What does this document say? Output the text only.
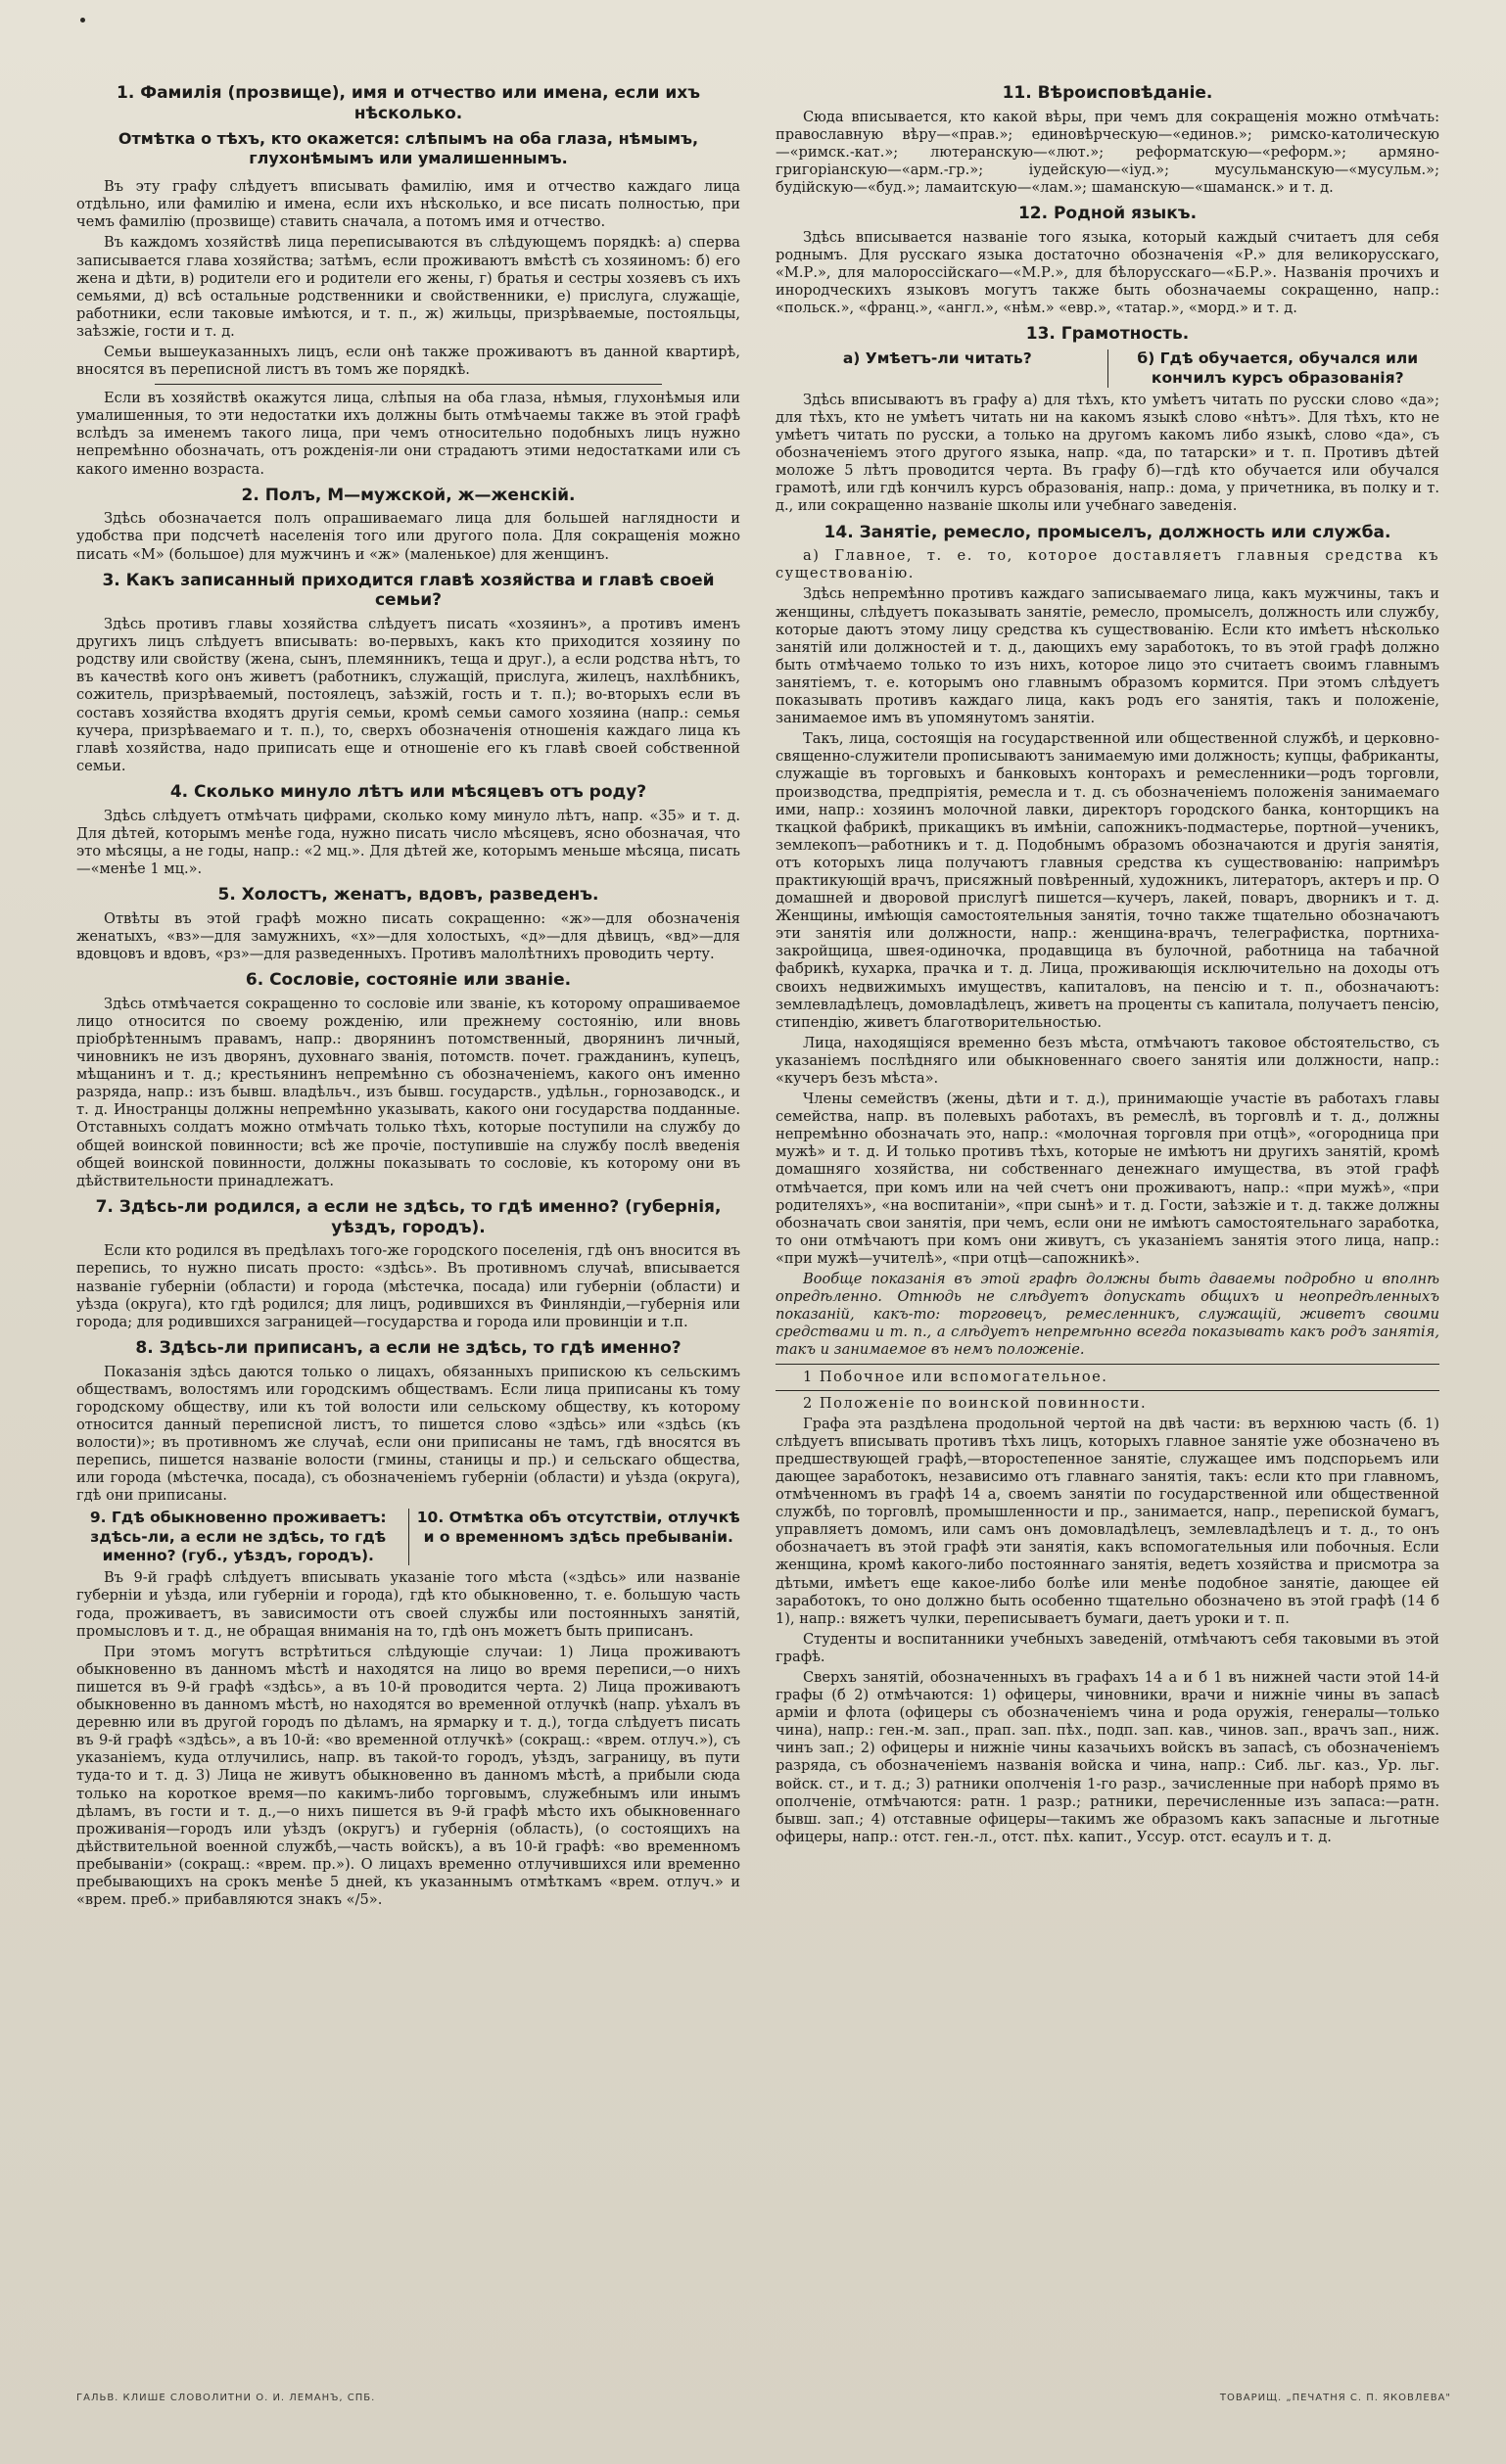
1. Фамилія (прозвище), имя и отчество или имена, если ихъ нѣсколько.
Отмѣтка о тѣхъ, кто окажется: слѣпымъ на оба глаза, нѣмымъ, глухонѣмымъ или умалишеннымъ.

Въ эту графу слѣдуетъ вписывать фамилію, имя и отчество каждаго лица отдѣльно, или фамилію и имена, если ихъ нѣсколько, и все писать полностью, при чемъ фамилію (прозвище) ставить сначала, а потомъ имя и отчество.

Въ каждомъ хозяйствѣ лица переписываются въ слѣдующемъ порядкѣ: а) сперва записывается глава хозяйства; затѣмъ, если проживаютъ вмѣстѣ съ хозяиномъ: б) его жена и дѣти, в) родители его и родители его жены, г) братья и сестры хозяевъ съ ихъ семьями, д) всѣ остальные родственники и свойственники, е) прислуга, служащіе, работники, если таковые имѣются, и т. п., ж) жильцы, призрѣваемые, постояльцы, заѣзжіе, гости и т. д.

Семьи вышеуказанныхъ лицъ, если онѣ также проживаютъ въ данной квартирѣ, вносятся въ переписной листъ въ томъ же порядкѣ.

Если въ хозяйствѣ окажутся лица, слѣпыя на оба глаза, нѣмыя, глухонѣмыя или умалишенныя, то эти недостатки ихъ должны быть отмѣчаемы также въ этой графѣ вслѣдъ за именемъ такого лица, при чемъ относительно подобныхъ лицъ нужно непремѣнно обозначать, отъ рожденія-ли они страдаютъ этими недостатками или съ какого именно возраста.

2. Полъ, М—мужской, ж—женскій.

Здѣсь обозначается полъ опрашиваемаго лица для большей наглядности и удобства при подсчетѣ населенія того или другого пола. Для сокращенія можно писать «М» (большое) для мужчинъ и «ж» (маленькое) для женщинъ.

3. Какъ записанный приходится главѣ хозяйства и главѣ своей семьи?

Здѣсь противъ главы хозяйства слѣдуетъ писать «хозяинъ», а противъ именъ другихъ лицъ слѣдуетъ вписывать: во-первыхъ, какъ кто приходится хозяину по родству или свойству (жена, сынъ, племянникъ, теща и друг.), а если родства нѣтъ, то въ качествѣ кого онъ живетъ (работникъ, служащій, прислуга, жилецъ, нахлѣбникъ, сожитель, призрѣваемый, постоялецъ, заѣзжій, гость и т. п.); во-вторыхъ если въ составъ хозяйства входятъ другія семьи, кромѣ семьи самого хозяина (напр.: семья кучера, призрѣваемаго и т. п.), то, сверхъ обозначенія отношенія каждаго лица къ главѣ хозяйства, надо приписать еще и отношеніе его къ главѣ своей собственной семьи.

4. Сколько минуло лѣтъ или мѣсяцевъ отъ роду?

Здѣсь слѣдуетъ отмѣчать цифрами, сколько кому минуло лѣтъ, напр. «35» и т. д. Для дѣтей, которымъ менѣе года, нужно писать число мѣсяцевъ, ясно обозначая, что это мѣсяцы, а не годы, напр.: «2 мц.». Для дѣтей же, которымъ меньше мѣсяца, писать—«менѣе 1 мц.».

5. Холостъ, женатъ, вдовъ, разведенъ.

Отвѣты въ этой графѣ можно писать сокращенно: «ж»—для обозначенія женатыхъ, «вз»—для замужнихъ, «х»—для холостыхъ, «д»—для дѣвицъ, «вд»—для вдовцовъ и вдовъ, «рз»—для разведенныхъ. Противъ малолѣтнихъ проводить черту.

6. Сословіе, состояніе или званіе.

Здѣсь отмѣчается сокращенно то сословіе или званіе, къ которому опрашиваемое лицо относится по своему рожденію, или прежнему состоянію, или вновь пріобрѣтеннымъ правамъ, напр.: дворянинъ потомственный, дворянинъ личный, чиновникъ не изъ дворянъ, духовнаго званія, потомств. почет. гражданинъ, купецъ, мѣщанинъ и т. д.; крестьянинъ непремѣнно съ обозначеніемъ, какого онъ именно разряда, напр.: изъ бывш. владѣльч., изъ бывш. государств., удѣльн., горнозаводск., и т. д. Иностранцы должны непремѣнно указывать, какого они государства подданные. Отставныхъ солдатъ можно отмѣчать только тѣхъ, которые поступили на службу до общей воинской повинности; всѣ же прочіе, поступившіе на службу послѣ введенія общей воинской повинности, должны показывать то сословіе, къ которому они въ дѣйствительности принадлежатъ.

7. Здѣсь-ли родился, а если не здѣсь, то гдѣ именно? (губернія, уѣздъ, городъ).

Если кто родился въ предѣлахъ того-же городского поселенія, гдѣ онъ вносится въ перепись, то нужно писать просто: «здѣсь». Въ противномъ случаѣ, вписывается названіе губерніи (области) и города (мѣстечка, посада) или губерніи (области) и уѣзда (округа), кто гдѣ родился; для лицъ, родившихся въ Финляндіи,—губернія или города; для родившихся заграницей—государства и города или провинціи и т.п.

8. Здѣсь-ли приписанъ, а если не здѣсь, то гдѣ именно?

Показанія здѣсь даются только о лицахъ, обязанныхъ припискою къ сельскимъ обществамъ, волостямъ или городскимъ обществамъ. Если лица приписаны къ тому городскому обществу, или къ той волости или сельскому обществу, къ которому относится данный переписной листъ, то пишется слово «здѣсь» или «здѣсь (къ волости)»; въ противномъ же случаѣ, если они приписаны не тамъ, гдѣ вносятся въ перепись, пишется названіе волости (гмины, станицы и пр.) и сельскаго общества, или города (мѣстечка, посада), съ обозначеніемъ губерніи (области) и уѣзда (округа), гдѣ они приписаны.

9. Гдѣ обыкновенно проживаетъ: здѣсь-ли, а если не здѣсь, то гдѣ именно? (губ., уѣздъ, городъ).
10. Отмѣтка объ отсутствіи, отлучкѣ и о временномъ здѣсь пребываніи.

Въ 9-й графѣ слѣдуетъ вписывать указаніе того мѣста («здѣсь» или названіе губерніи и уѣзда, или губерніи и города), гдѣ кто обыкновенно, т. е. большую часть года, проживаетъ, въ зависимости отъ своей службы или постоянныхъ занятій, промысловъ и т. д., не обращая вниманія на то, гдѣ онъ можетъ быть приписанъ.

При этомъ могутъ встрѣтиться слѣдующіе случаи: 1) Лица проживаютъ обыкновенно въ данномъ мѣстѣ и находятся на лицо во время переписи,—о нихъ пишется въ 9-й графѣ «здѣсь», а въ 10-й проводится черта. 2) Лица проживаютъ обыкновенно въ данномъ мѣстѣ, но находятся во временной отлучкѣ (напр. уѣхалъ въ деревню или въ другой городъ по дѣламъ, на ярмарку и т. д.), тогда слѣдуетъ писать въ 9-й графѣ «здѣсь», а въ 10-й: «во временной отлучкѣ» (сокращ.: «врем. отлуч.»), съ указаніемъ, куда отлучились, напр. въ такой-то городъ, уѣздъ, заграницу, въ пути туда-то и т. д. 3) Лица не живутъ обыкновенно въ данномъ мѣстѣ, а прибыли сюда только на короткое время—по какимъ-либо торговымъ, служебнымъ или инымъ дѣламъ, въ гости и т. д.,—о нихъ пишется въ 9-й графѣ мѣсто ихъ обыкновеннаго проживанія—городъ или уѣздъ (округъ) и губернія (область), (о состоящихъ на дѣйствительной военной службѣ,—часть войскъ), а въ 10-й графѣ: «во временномъ пребываніи» (сокращ.: «врем. пр.»). О лицахъ временно отлучившихся или временно пребывающихъ на срокъ менѣе 5 дней, къ указаннымъ отмѣткамъ «врем. отлуч.» и «врем. преб.» прибавляются знакъ «/5».

11. Вѣроисповѣданіе.

Сюда вписывается, кто какой вѣры, при чемъ для сокращенія можно отмѣчать: православную вѣру—«прав.»; единовѣрческую—«единов.»; римско-католическую—«римск.-кат.»; лютеранскую—«лют.»; реформатскую—«реформ.»; армяно-григоріанскую—«арм.-гр.»; іудейскую—«іуд.»; мусульманскую—«мусульм.»; будійскую—«буд.»; ламаитскую—«лам.»; шаманскую—«шаманск.» и т. д.

12. Родной языкъ.

Здѣсь вписывается названіе того языка, который каждый считаетъ для себя роднымъ. Для русскаго языка достаточно обозначенія «Р.» для великорусскаго, «М.Р.», для малороссійскаго—«М.Р.», для бѣлорусскаго—«Б.Р.». Названія прочихъ и инородческихъ языковъ могутъ также быть обозначаемы сокращенно, напр.: «польск.», «франц.», «англ.», «нѣм.» «евр.», «татар.», «морд.» и т. д.

13. Грамотность.
а) Умѣетъ-ли читать?	б) Гдѣ обучается, обучался или кончилъ курсъ образованія?

Здѣсь вписываютъ въ графу а) для тѣхъ, кто умѣетъ читать по русски слово «да»; для тѣхъ, кто не умѣетъ читать ни на какомъ языкѣ слово «нѣтъ». Для тѣхъ, кто не умѣетъ читать по русски, а только на другомъ какомъ либо языкѣ, слово «да», съ обозначеніемъ этого другого языка, напр. «да, по татарски» и т. п. Противъ дѣтей моложе 5 лѣтъ проводится черта. Въ графу б)—гдѣ кто обучается или обучался грамотѣ, или гдѣ кончилъ курсъ образованія, напр.: дома, у причетника, въ полку и т. д., или сокращенно названіе школы или учебнаго заведенія.

14. Занятіе, ремесло, промыселъ, должность или служба.

а) Главное, т. е. то, которое доставляетъ главныя средства къ существованію.

Здѣсь непремѣнно противъ каждаго записываемаго лица, какъ мужчины, такъ и женщины, слѣдуетъ показывать занятіе, ремесло, промыселъ, должность или службу, которые даютъ этому лицу средства къ существованію. Если кто имѣетъ нѣсколько занятій или должностей и т. д., дающихъ ему заработокъ, то въ этой графѣ должно быть отмѣчаемо только то изъ нихъ, которое лицо это считаетъ своимъ главнымъ занятіемъ, т. е. которымъ оно главнымъ образомъ кормится. При этомъ слѣдуетъ показывать противъ каждаго лица, какъ родъ его занятія, такъ и положеніе, занимаемое имъ въ упомянутомъ занятіи.

Такъ, лица, состоящія на государственной или общественной службѣ, и церковно-священно-служители прописываютъ занимаемую ими должность; купцы, фабриканты, служащіе въ торговыхъ и банковыхъ конторахъ и ремесленники—родъ торговли, производства, предпріятія, ремесла и т. д. съ обозначеніемъ положенія занимаемаго ими, напр.: хозяинъ молочной лавки, директоръ городского банка, конторщикъ на ткацкой фабрикѣ, прикащикъ въ имѣніи, сапожникъ-подмастерье, портной—ученикъ, землекопъ—работникъ и т. д. Подобнымъ образомъ обозначаются и другія занятія, отъ которыхъ лица получаютъ главныя средства къ существованію: напримѣръ практикующій врачъ, присяжный повѣренный, художникъ, литераторъ, актеръ и пр. О домашней и дворовой прислугѣ пишется—кучеръ, лакей, поваръ, дворникъ и т. д. Женщины, имѣющія самостоятельныя занятія, точно также тщательно обозначаютъ эти занятія или должности, напр.: женщина-врачъ, телеграфистка, портниха-закройщица, швея-одиночка, продавщица въ булочной, работница на табачной фабрикѣ, кухарка, прачка и т. д. Лица, проживающія исключительно на доходы отъ своихъ недвижимыхъ имуществъ, капиталовъ, на пенсію и т. п., обозначаютъ: землевладѣлецъ, домовладѣлецъ, живетъ на проценты съ капитала, получаетъ пенсію, стипендію, живетъ благотворительностью.

Лица, находящіяся временно безъ мѣста, отмѣчаютъ таковое обстоятельство, съ указаніемъ послѣдняго или обыкновеннаго своего занятія или должности, напр.: «кучеръ безъ мѣста».

Члены семействъ (жены, дѣти и т. д.), принимающіе участіе въ работахъ главы семейства, напр. въ полевыхъ работахъ, въ ремеслѣ, въ торговлѣ и т. д., должны непремѣнно обозначать это, напр.: «молочная торговля при отцѣ», «огородница при мужѣ» и т. д. И только противъ тѣхъ, которые не имѣютъ ни другихъ занятій, кромѣ домашняго хозяйства, ни собственнаго денежнаго имущества, въ этой графѣ отмѣчается, при комъ или на чей счетъ они проживаютъ, напр.: «при мужѣ», «при родителяхъ», «на воспитаніи», «при сынѣ» и т. д. Гости, заѣзжіе и т. д. также должны обозначать свои занятія, при чемъ, если они не имѣютъ самостоятельнаго заработка, то они отмѣчаютъ при комъ они живутъ, съ указаніемъ занятія этого лица, напр.: «при мужѣ—учителѣ», «при отцѣ—сапожникѣ».

Вообще показанія въ этой графѣ должны быть даваемы подробно и вполнѣ опредѣленно. Отнюдь не слѣдуетъ допускать общихъ и неопредѣленныхъ показаній, какъ-то: торговецъ, ремесленникъ, служащій, живетъ своими средствами и т. п., а слѣдуетъ непремѣнно всегда показывать какъ родъ занятія, такъ и занимаемое въ немъ положеніе.

1 Побочное или вспомогательное.

2 Положеніе по воинской повинности.

Графа эта раздѣлена продольной чертой на двѣ части: въ верхнюю часть (б. 1) слѣдуетъ вписывать противъ тѣхъ лицъ, которыхъ главное занятіе уже обозначено въ предшествующей графѣ,—второстепенное занятіе, служащее имъ подспорьемъ или дающее заработокъ, независимо отъ главнаго занятія, такъ: если кто при главномъ, отмѣченномъ въ графѣ 14 а, своемъ занятіи по государственной или общественной службѣ, по торговлѣ, промышленности и пр., занимается, напр., перепиской бумагъ, управляетъ домомъ, или самъ онъ домовладѣлецъ, землевладѣлецъ и т. д., то онъ обозначаетъ въ этой графѣ эти занятія, какъ вспомогательныя или побочныя. Если женщина, кромѣ какого-либо постояннаго занятія, ведетъ хозяйства и присмотра за дѣтьми, имѣетъ еще какое-либо болѣе или менѣе подобное занятіе, дающее ей заработокъ, то оно должно быть особенно тщательно обозначено въ этой графѣ (14 б 1), напр.: вяжетъ чулки, переписываетъ бумаги, даетъ уроки и т. п.

Студенты и воспитанники учебныхъ заведеній, отмѣчаютъ себя таковыми въ этой графѣ.

Сверхъ занятій, обозначенныхъ въ графахъ 14 а и б 1 въ нижней части этой 14-й графы (б 2) отмѣчаются: 1) офицеры, чиновники, врачи и нижніе чины въ запасѣ арміи и флота (офицеры съ обозначеніемъ чина и рода оружія, генералы—только чина), напр.: ген.-м. зап., прап. зап. пѣх., подп. зап. кав., чинов. зап., врачъ зап., ниж. чинъ зап.; 2) офицеры и нижніе чины казачьихъ войскъ въ запасѣ, съ обозначеніемъ разряда, съ обозначеніемъ названія войска и чина, напр.: Сиб. льг. каз., Ур. льг. войск. ст., и т. д.; 3) ратники ополченія 1-го разр., зачисленные при наборѣ прямо въ ополченіе, отмѣчаются: ратн. 1 разр.; ратники, перечисленные изъ запаса:—ратн. бывш. зап.; 4) отставные офицеры—такимъ же образомъ какъ запасные и льготные офицеры, напр.: отст. ген.-л., отст. пѣх. капит., Уссур. отст. есаулъ и т. д.

ГАЛЬВ. КЛИШЕ СЛОВОЛИТНИ О. И. ЛЕМАНЪ, СПБ.	ТОВАРИЩ. „ПЕЧАТНЯ С. П. ЯКОВЛЕВА"
